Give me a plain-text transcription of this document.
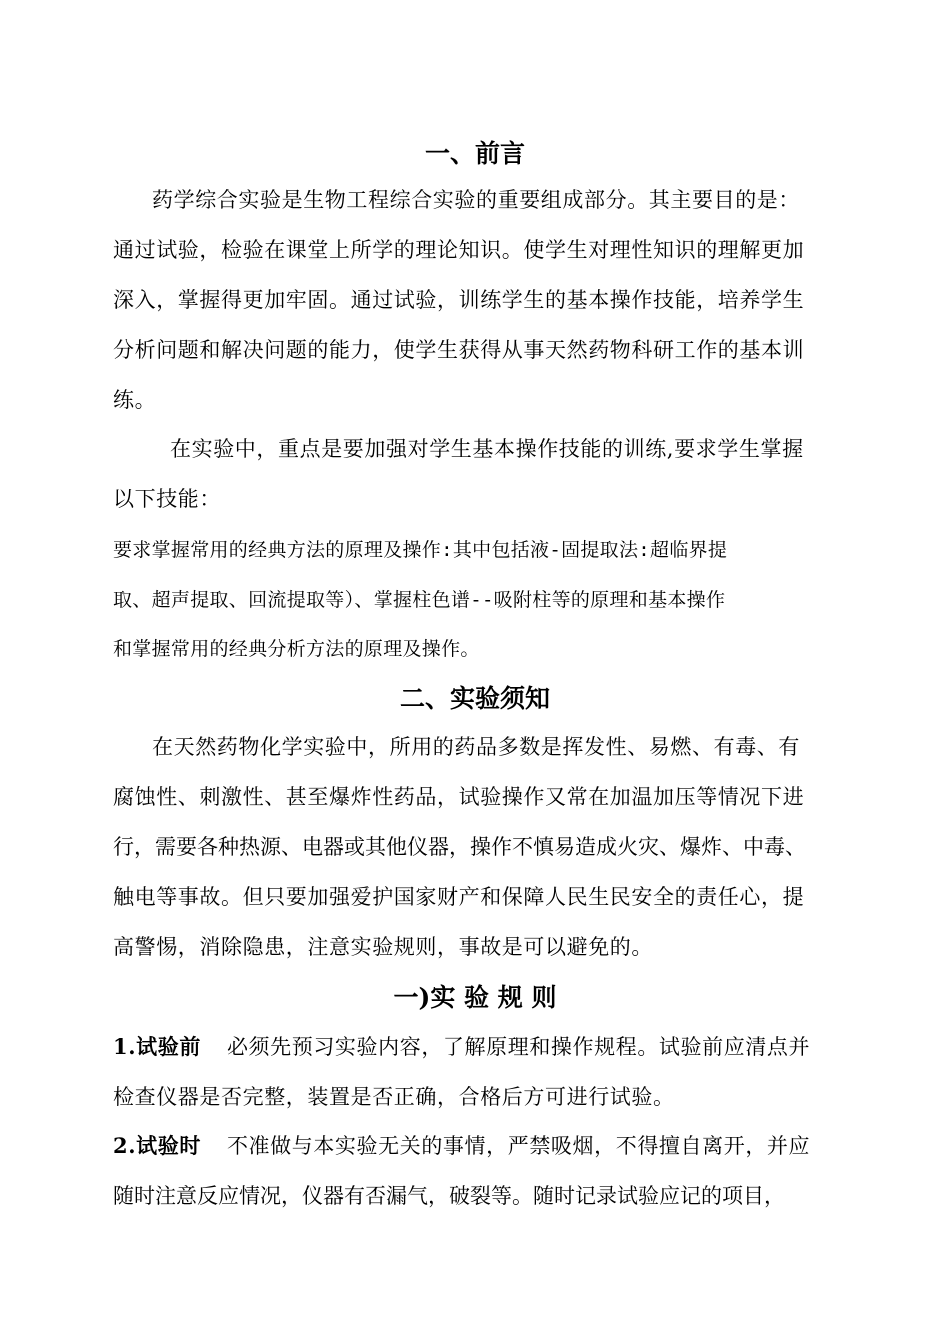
一、前言
药学综合实验是生物工程综合实验的重要组成部分。其主要目的是：
通过试验，检验在课堂上所学的理论知识。使学生对理性知识的理解更加
深入，掌握得更加牢固。通过试验，训练学生的基本操作技能，培养学生
分析问题和解决问题的能力，使学生获得从事天然药物科研工作的基本训
练。
在实验中，重点是要加强对学生基本操作技能的训练,要求学生掌握
以下技能：
要求掌握常用的经典方法的原理及操作:其中包括液-固提取法:超临界提
取、超声提取、回流提取等）、掌握柱色谱--吸附柱等的原理和基本操作
和掌握常用的经典分析方法的原理及操作。
二、实验须知
在天然药物化学实验中，所用的药品多数是挥发性、易燃、有毒、有
腐蚀性、刺激性、甚至爆炸性药品，试验操作又常在加温加压等情况下进
行，需要各种热源、电器或其他仪器，操作不慎易造成火灾、爆炸、中毒、
触电等事故。但只要加强爱护国家财产和保障人民生民安全的责任心，提
高警惕，消除隐患，注意实验规则，事故是可以避免的。
一)实 验 规 则
1.试验前 必须先预习实验内容，了解原理和操作规程。试验前应清点并
检查仪器是否完整，装置是否正确，合格后方可进行试验。
2.试验时 不准做与本实验无关的事情，严禁吸烟，不得擅自离开，并应
随时注意反应情况，仪器有否漏气，破裂等。随时记录试验应记的项目，
